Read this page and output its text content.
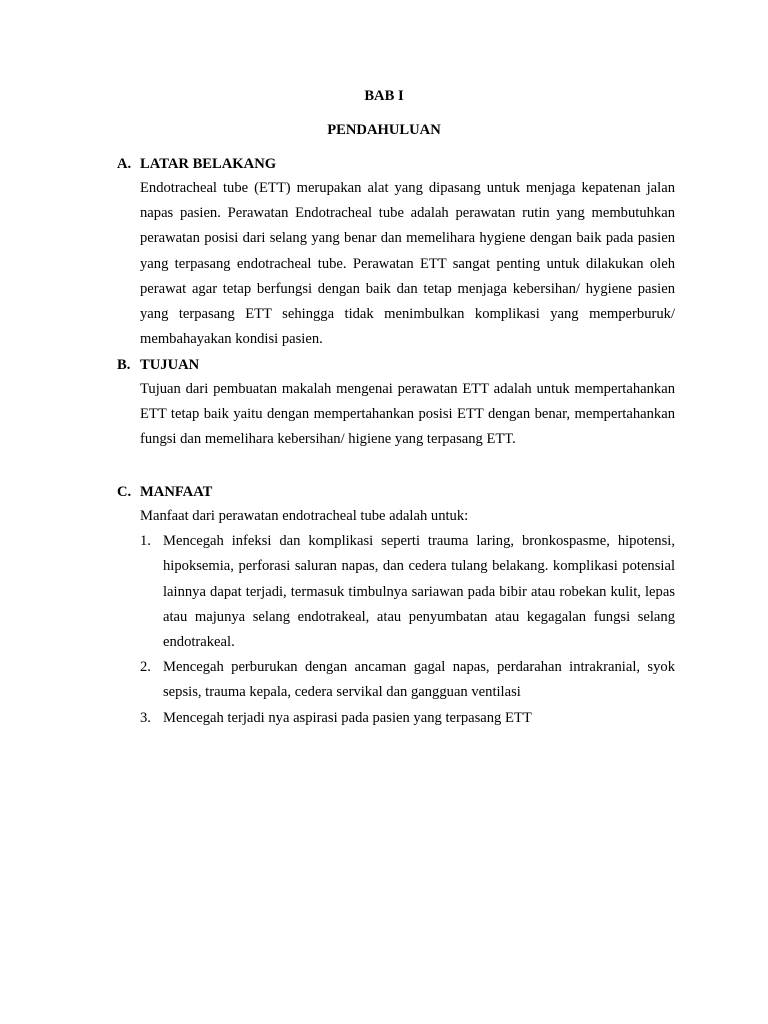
BAB I
PENDAHULUAN
A. LATAR BELAKANG

Endotracheal tube (ETT) merupakan alat yang dipasang untuk menjaga kepatenan jalan napas pasien. Perawatan Endotracheal tube adalah perawatan rutin yang membutuhkan perawatan posisi dari selang yang benar dan memelihara hygiene dengan baik pada pasien yang terpasang endotracheal tube. Perawatan ETT sangat penting untuk dilakukan oleh perawat agar tetap berfungsi dengan baik dan tetap menjaga kebersihan/ hygiene pasien yang terpasang ETT sehingga tidak menimbulkan komplikasi yang memperburuk/ membahayakan kondisi pasien.

B. TUJUAN

Tujuan dari pembuatan makalah mengenai perawatan ETT adalah untuk mempertahankan ETT tetap baik yaitu dengan mempertahankan posisi ETT dengan benar, mempertahankan fungsi dan memelihara kebersihan/ higiene yang terpasang ETT.

C. MANFAAT
Manfaat dari perawatan endotracheal tube adalah untuk:
1. Mencegah infeksi dan komplikasi seperti trauma laring, bronkospasme, hipotensi, hipoksemia, perforasi saluran napas, dan cedera tulang belakang. komplikasi potensial lainnya dapat terjadi, termasuk timbulnya sariawan pada bibir atau robekan kulit, lepas atau majunya selang endotrakeal, atau penyumbatan atau kegagalan fungsi selang endotrakeal.
2. Mencegah perburukan dengan ancaman gagal napas, perdarahan intrakranial, syok sepsis, trauma kepala, cedera servikal dan gangguan ventilasi
3. Mencegah terjadi nya aspirasi pada pasien yang terpasang ETT
